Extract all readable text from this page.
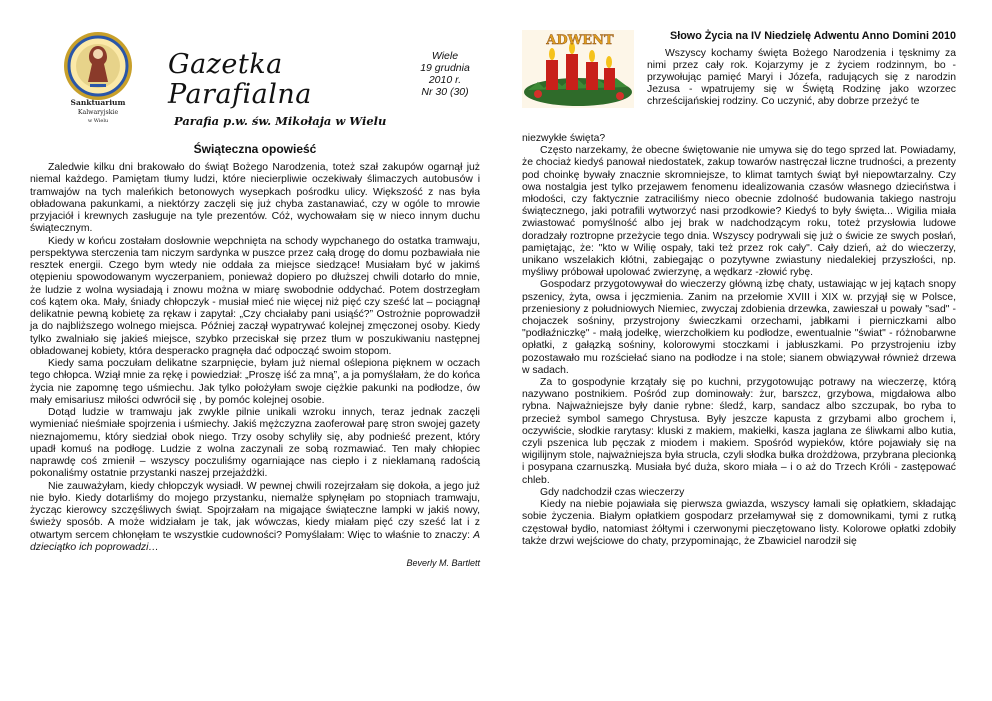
Sanktuarium
Kalwaryjskie
w Wielu
Gazetka Parafialna
Parafia p.w. św. Mikołaja w Wielu
Wiele
19 grudnia
2010 r.
Nr 30 (30)
Świąteczna opowieść

Zaledwie kilku dni brakowało do świąt Bożego Narodzenia, toteż szał zakupów ogarnął już niemal każdego. Pamiętam tłumy ludzi, które niecierpliwie oczekiwały ślimaczych autobusów i tramwajów na tych maleńkich betonowych wysepkach pośrodku ulicy. Większość z nas była obładowana pakunkami, a niektórzy zaczęli się już chyba zastanawiać, czy w ogóle to mrowie przyjaciół i krewnych zasługuje na tyle prezentów. Cóż, wychowałam się w nieco innym duchu świątecznym.

Kiedy w końcu zostałam dosłownie wepchnięta na schody wypchanego do ostatka tramwaju, perspektywa sterczenia tam niczym sardynka w puszce przez całą drogę do domu pozbawiała nie resztek energii. Czego bym wtedy nie oddała za miejsce siedzące! Musiałam być w jakimś otępieniu spowodowanym wyczerpaniem, ponieważ dopiero po dłuższej chwili dotarło do mnie, że ludzie z wolna wysiadają i znowu można w miarę swobodnie oddychać. Potem dostrzegłam coś kątem oka. Mały, śniady chłopczyk - musiał mieć nie więcej niż pięć czy sześć lat – pociągnął delikatnie pewną kobietę za rękaw i zapytał: „Czy chciałaby pani usiąść?” Ostrożnie poprowadził ja do najbliższego wolnego miejsca. Później zaczął wypatrywać kolejnej zmęczonej osoby. Kiedy tylko zwalniało się jakieś miejsce, szybko przeciskał się przez tłum w poszukiwaniu następnej obładowanej kobiety, która desperacko pragnęła dać odpocząć swoim stopom.

Kiedy sama poczułam delikatne szarpnięcie, byłam już niemal oślepiona pięknem w oczach tego chłopca. Wziął mnie za rękę i powiedział: „Proszę iść za mną”, a ja pomyślałam, że do końca życia nie zapomnę tego uśmiechu. Jak tylko położyłam swoje ciężkie pakunki na podłodze, ów mały emisariusz miłości odwrócił się , by pomóc kolejnej osobie.

Dotąd ludzie w tramwaju jak zwykle pilnie unikali wzroku innych, teraz jednak zaczęli wymieniać nieśmiałe spojrzenia i uśmiechy. Jakiś mężczyzna zaoferował parę stron swojej gazety nieznajomemu, który siedział obok niego. Trzy osoby schyliły się, aby podnieść prezent, który upadł komuś na podłogę. Ludzie z wolna zaczynali ze sobą rozmawiać. Ten mały chłopiec naprawdę coś zmienił – wszyscy poczuliśmy ogarniające nas ciepło i z niekłamaną radością pokonaliśmy ostatnie przystanki naszej przejażdżki.

Nie zauważyłam, kiedy chłopczyk wysiadł. W pewnej chwili rozejrzałam się dokoła, a jego już nie było. Kiedy dotarliśmy do mojego przystanku, niemalże spłynęłam po stopniach tramwaju, życząc kierowcy szczęśliwych świąt. Spojrzałam na migające świąteczne lampki w jakiś nowy, świeży sposób. A może widziałam je tak, jak wówczas, kiedy miałam pięć czy sześć lat i z otwartym sercem chłonęłam te wszystkie cudowności? Pomyślałam: Więc to właśnie to znaczy: A dzieciątko ich poprowadzi…

Beverly M. Bartlett
ADWENT	Słowo Życia na IV Niedzielę Adwentu Anno Domini 2010

Wszyscy kochamy święta Bożego Narodzenia i tęsknimy za nimi przez cały rok. Kojarzymy je z życiem rodzinnym, bo - przywołując pamięć Maryi i Józefa, radujących się z narodzin Jezusa - wpatrujemy się w Świętą Rodzinę jako wzorzec chrześcijańskiej rodziny. Co uczynić, aby dobrze przeżyć te

niezwykłe święta?

Często narzekamy, że obecne świętowanie nie umywa się do tego sprzed lat. Powiadamy, że chociaż kiedyś panował niedostatek, zakup towarów nastręczał liczne trudności, a prezenty pod choinkę bywały znacznie skromniejsze, to klimat tamtych świąt był niepowtarzalny. Czy owa nostalgia jest tylko przejawem fenomenu idealizowania czasów własnego dzieciństwa i młodości, czy faktycznie zatraciliśmy nieco obecnie zdolność budowania takiego nastroju świątecznego, jaki potrafili wytworzyć nasi przodkowie? Kiedyś to były święta... Wigilia miała zwiastować pomyślność albo jej brak w nadchodzącym roku, toteż przysłowia ludowe doradzały roztropne przeżycie tego dnia. Wszyscy podrywali się już o świcie ze swych posłań, pamiętając, że: "kto w Wilię ospały, taki też przez rok cały". Cały dzień, aż do wieczerzy, unikano wszelakich kłótni, zabiegając o pozytywne zwiastuny niedalekiej przyszłości, np. myśliwy próbował upolować zwierzynę, a wędkarz -złowić rybę.

Gospodarz przygotowywał do wieczerzy główną izbę chaty, ustawiając w jej kątach snopy pszenicy, żyta, owsa i jęczmienia. Zanim na przełomie XVIII i XIX w. przyjął się w Polsce, przeniesiony z południowych Niemiec, zwyczaj zdobienia drzewka, zawieszał u powały "sad" - chojaczek sośniny, przystrojony świeczkami orzechami, jabłkami i pierniczkami albo "podłaźniczkę" - małą jodełkę, wierzchołkiem ku podłodze, ewentualnie "świat" - różnobarwne opłatki, z gałązką sośniny, kolorowymi stoczkami i jabłuszkami. Po przystrojeniu izby pozostawało mu rozściełać siano na podłodze i na stole; sianem obwiązywał również drzewa w sadach.

Za to gospodynie krzątały się po kuchni, przygotowując potrawy na wieczerzę, którą nazywano postnikiem. Pośród zup dominowały: żur, barszcz, grzybowa, migdałowa albo rybna. Najważniejsze były danie rybne: śledź, karp, sandacz albo szczupak, bo ryba to przecież symbol samego Chrystusa. Były jeszcze kapusta z grzybami albo grochem i, oczywiście, słodkie rarytasy: kluski z makiem, makiełki, kasza jaglana ze śliwkami albo kutia, czyli pszenica lub pęczak z miodem i makiem. Spośród wypieków, które pojawiały się na wigilijnym stole, najważniejsza była strucla, czyli słodka bułka drożdżowa, przybrana plecionką i posypana czarnuszką. Musiała być duża, skoro miała – i o aż do Trzech Króli - zastępować chleb.

Gdy nadchodził czas wieczerzy

Kiedy na niebie pojawiała się pierwsza gwiazda, wszyscy łamali się opłatkiem, składając sobie życzenia. Białym opłatkiem gospodarz przełamywał się z domownikami, tymi z rutką częstował bydło, natomiast żółtymi i czerwonymi pieczętowano listy. Kolorowe opłatki zdobiły także drzwi wejściowe do chaty, przypominając, że Zbawiciel narodził się
